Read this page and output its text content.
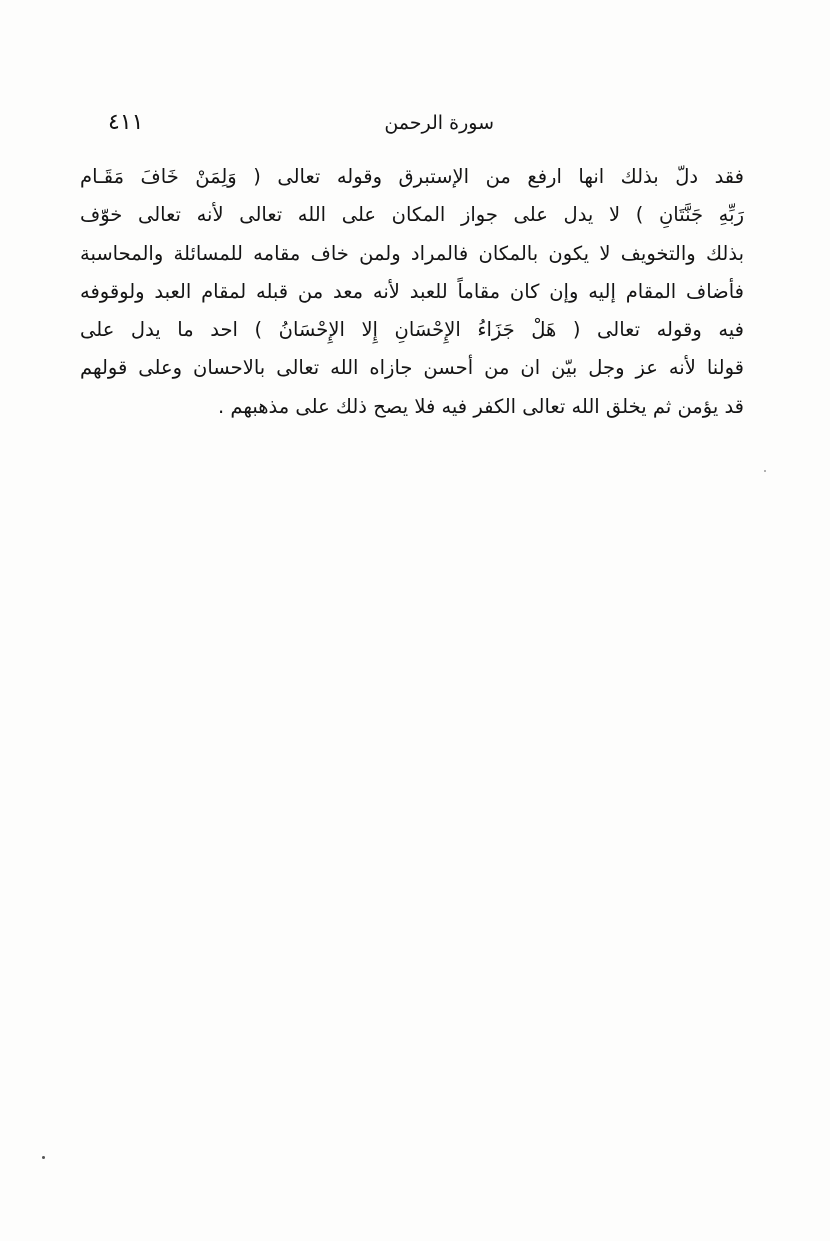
سورة الرحمن
٤١١
فقد دلّ بذلك انها ارفع من الإستبرق وقوله تعالى ( وَلِمَنْ خَافَ مَقَـام
رَبِّهِ جَنَّتَانِ ) لا يدل على جواز المكان على الله تعالى لأنه تعالى خوّف
بذلك والتخويف لا يكون بالمكان فالمراد ولمن خاف مقامه للمسائلة والمحاسبة
فأضاف المقام إليه وإن كان مقاماً للعبد لأنه معد من قبله لمقام العبد ولوقوفه
فيه وقوله تعالى ( هَلْ جَزَاءُ الإِحْسَانِ إِلا الإِحْسَانُ ) احد ما يدل على
قولنا لأنه عز وجل بيّن ان من أحسن جازاه الله تعالى بالاحسان وعلى قولهم
قد يؤمن ثم يخلق الله تعالى الكفر فيه فلا يصح ذلك على مذهبهم .
